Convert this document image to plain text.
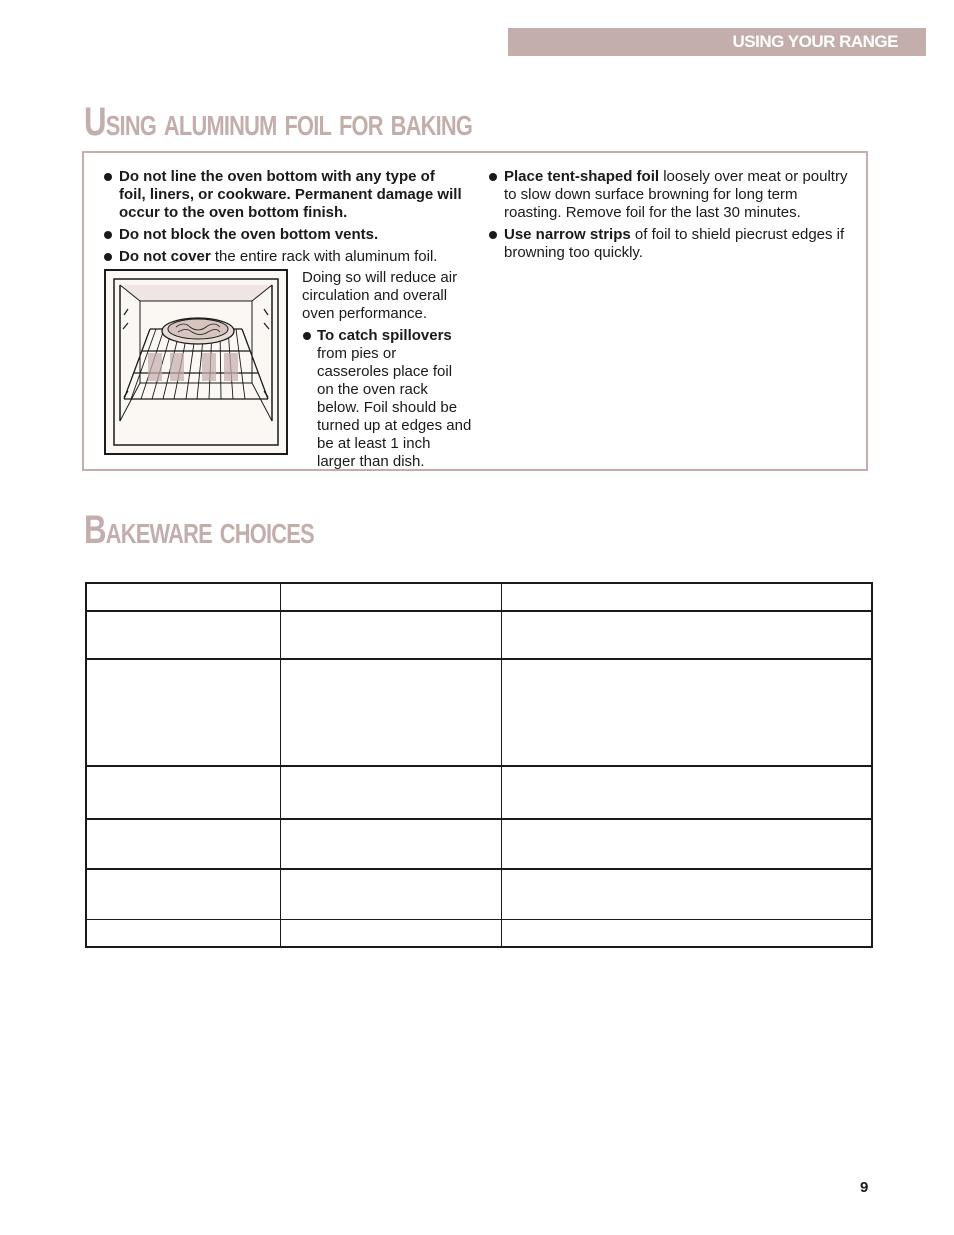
USING YOUR RANGE
Using aluminum foil for baking
Do not line the oven bottom with any type of foil, liners, or cookware. Permanent damage will occur to the oven bottom finish.
Do not block the oven bottom vents.
Do not cover the entire rack with aluminum foil.
Doing so will reduce air circulation and overall oven performance.
To catch spillovers from pies or casseroles place foil on the oven rack below. Foil should be turned up at edges and be at least 1 inch larger than dish.
Place tent-shaped foil loosely over meat or poultry to slow down surface browning for long term roasting. Remove foil for the last 30 minutes.
Use narrow strips of foil to shield piecrust edges if browning too quickly.
Bakeware choices

9
